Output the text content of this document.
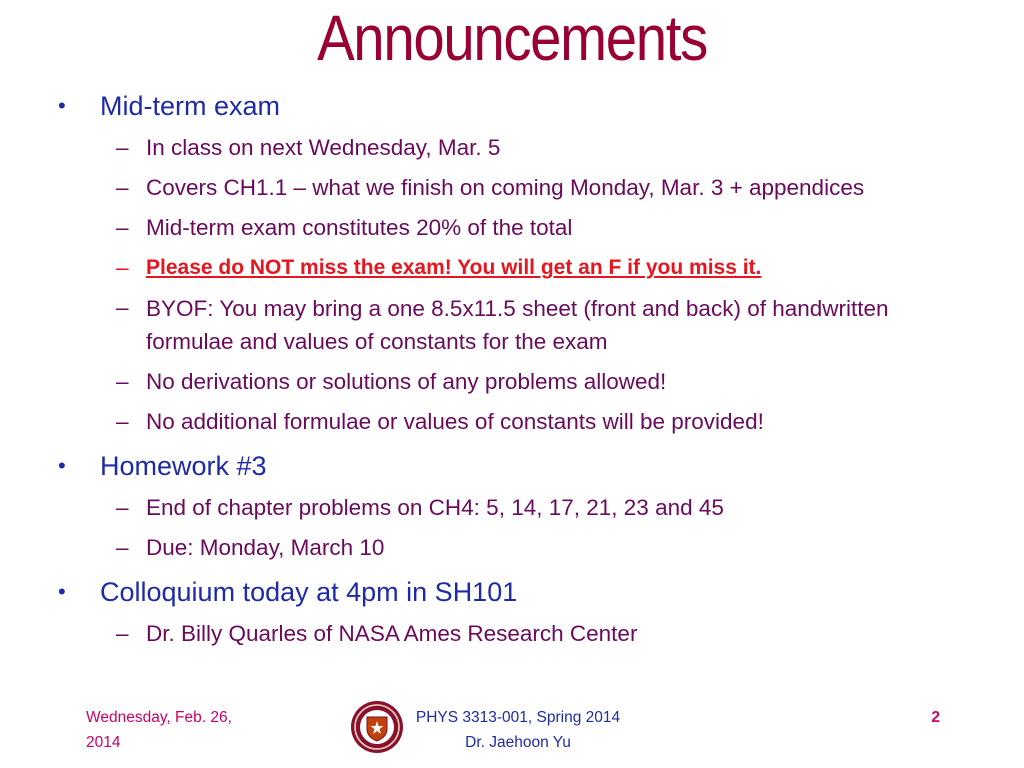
Announcements
•	Mid-term exam
– In class on next Wednesday, Mar. 5
– Covers CH1.1 – what we finish on coming Monday, Mar. 3 + appendices
– Mid-term exam constitutes 20% of the total
– Please do NOT miss the exam! You will get an F if you miss it.
– BYOF: You may bring a one 8.5x11.5 sheet (front and back) of handwritten formulae and values of constants for the exam
– No derivations or solutions of any problems allowed!
– No additional formulae or values of constants will be provided!
•	Homework #3
– End of chapter problems on CH4: 5, 14, 17, 21, 23 and 45
– Due: Monday, March 10
•	Colloquium today at 4pm in SH101
– Dr. Billy Quarles of NASA Ames Research Center
Wednesday, Feb. 26,
2014
PHYS 3313-001, Spring 2014
Dr. Jaehoon Yu
2
